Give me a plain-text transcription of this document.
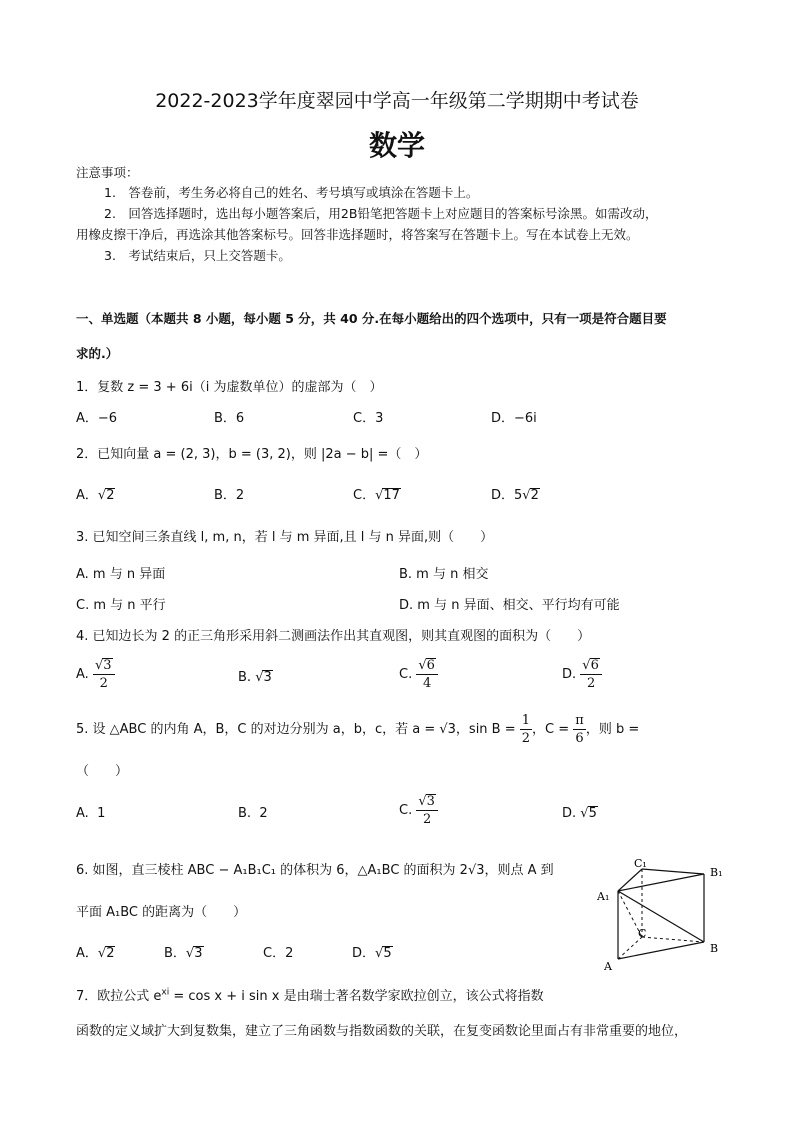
2022-2023学年度翠园中学高一年级第二学期期中考试卷
数学
注意事项：
1.　答卷前，考生务必将自己的姓名、考号填写或填涂在答题卡上。
2.　回答选择题时，选出每小题答案后，用2B铅笔把答题卡上对应题目的答案标号涂黑。如需改动，
用橡皮擦干净后，再选涂其他答案标号。回答非选择题时，将答案写在答题卡上。写在本试卷上无效。
3.　考试结束后，只上交答题卡。
一、单选题（本题共 8 小题，每小题 5 分，共 40 分.在每小题给出的四个选项中，只有一项是符合题目要
求的.）
1．复数 z = 3 + 6i（i 为虚数单位）的虚部为（　）
A．−6	B．6	C．3	D．−6i
2．已知向量 a = (2, 3)，b = (3, 2)，则 |2a − b| =（　）
A．√2	B．2	C．√17	D．5√2
3. 已知空间三条直线 l, m, n，若 l 与 m 异面,且 l 与 n 异面,则（　　）
A. m 与 n 异面	B. m 与 n 相交
C. m 与 n 平行	D. m 与 n 异面、相交、平行均有可能
4. 已知边长为 2 的正三角形采用斜二测画法作出其直观图，则其直观图的面积为（　　）
A. $\frac{√3}{2}$	B. √3	C. $\frac{√6}{4}$	D. $\frac{√6}{2}$
5. 设 △ABC 的内角 A，B，C 的对边分别为 a，b，c，若 a = √3，$\sin B = \frac{1}{2}$ ，$C = \frac{\pi}{6}$ ，则 b =
（　　）
A. 1	B. 2	C. $\frac{√3}{2}$	D. √5
6. 如图，直三棱柱 ABC − A₁B₁C₁ 的体积为 6，△A₁BC 的面积为 2√3，则点 A 到
平面 A₁BC 的距离为（　　）
A．√2	B．√3	C．2	D．√5
C₁
B₁
A₁
C
A
B
7．欧拉公式 $e^{xi} = \cos x + i$ sin x 是由瑞士著名数学家欧拉创立，该公式将指数
函数的定义域扩大到复数集，建立了三角函数与指数函数的关联，在复变函数论里面占有非常重要的地位，
